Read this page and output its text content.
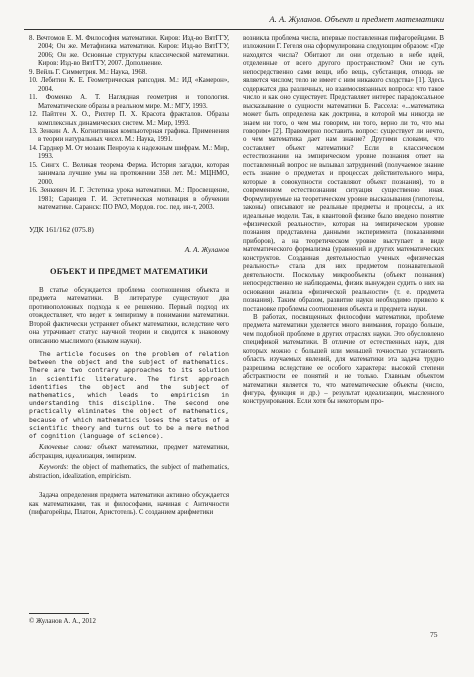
А. А. Жуланов. Объект и предмет математики

8. Вечтомов Е. М. Философия математики. Киров: Изд-во ВятГГУ, 2004; Он же. Метафизика математики. Киров: Изд-во ВятГГУ, 2006; Он же. Основные структуры классической математики. Киров: Изд-во ВятГГУ, 2007. Дополнение.

9. Вейль Г. Симметрия. М.: Наука, 1968.

10. Лебитин К. Е. Геометрическая рапсодия. М.: ИД «Камерон», 2004.

11. Фоменко А. Т. Наглядная геометрия и топология. Математические образы в реальном мире. М.: МГУ, 1993.

12. Пайтген Х. О., Рихтер П. Х. Красота фракталов. Образы комплексных динамических систем. М.: Мир, 1993.

13. Зенкин А. А. Когнитивная компьютерная графика. Применения в теории натуральных чисел. М.: Наука, 1991.

14. Гарднер М. От мозаик Пенроуза к надежным шифрам. М.: Мир, 1993.

15. Сингх С. Великая теорема Ферма. История загадки, которая занимала лучшие умы на протяжении 358 лет. М.: МЦНМО, 2000.

16. Зенкевич И. Г. Эстетика урока математики. М.: Просвещение, 1981; Сараицев Г. И. Эстетическая мотивация в обучении математике. Саранск: ПО РАО, Мордов. гос. пед. ин-т, 2003.

УДК 161/162 (075.8)
А. А. Жуланов
ОБЪЕКТ И ПРЕДМЕТ МАТЕМАТИКИ

В статье обсуждается проблема соотношения объекта и предмета математики. В литературе существуют два противоположных подхода к ее решению. Первый подход их отождествляет, что ведет к эмпиризму в понимании математики. Второй фактически устраняет объект математики, вследствие чего она утрачивает статус научной теории и сводится к знаковому описанию мыслимого (языком науки).

The article focuses on the problem of relation between the object and the subject of mathematics. There are two contrary approaches to its solution in scientific literature. The first approach identifies the object and the subject of mathematics, which leads to empiricism in understanding this discipline. The second one practically eliminates the object of mathematics, because of which mathematics loses the status of a scientific theory and turns out to be a mere method of cognition (language of science).

Ключевые слова: объект математики, предмет математики, абстракция, идеализация, эмпиризм.

Keywords: the object of mathematics, the subject of mathematics, abstraction, idealization, empiricism.

Задача определения предмета математики активно обсуждается как математиками, так и философами, начиная с Античности (пифагорейцы, Платон, Аристотель). С созданием арифметики

возникла проблема числа, впервые поставленная пифагорейцами. В изложении Г. Гегеля она сформулирована следующим образом: «Где находятся числа? Обитают ли они отдельно в небе идей, отделенные от всего другого пространством? Они не суть непосредственно сами вещи, ибо вещь, субстанция, отнюдь не является числом; тело не имеет с ним никакого сходства» [1]. Здесь содержатся два различных, но взаимосвязанных вопроса: что такое число и как оно существует. Представляет интерес парадоксальное высказывание о сущности математики Б. Рассела: «...математика может быть определена как доктрина, в которой мы никогда не знаем ни того, о чем мы говорим, ни того, верно ли то, что мы говорим» [2]. Правомерно поставить вопрос: существует ли нечто, о чем математика дает нам знание? Другими словами, что составляет объект математики? Если в классическом естествознании на эмпирическом уровне познания ответ на поставленный вопрос не вызывал затруднений (получаемое знание есть знание о предметах и процессах действительного мира, которые в совокупности составляют объект познания), то в современном естествознании ситуация существенно иная. Формулируемые на теоретическом уровне высказывания (гипотезы, законы) описывают не реальные предметы и процессы, а их идеальные модели. Так, в квантовой физике было введено понятие «физической реальности», которая на эмпирическом уровне познания представлена данными эксперимента (показаниями приборов), а на теоретическом уровне выступает в виде математического формализма (уравнений и других математических конструктов. Созданная деятельностью ученых «физическая реальность» стала для них предметом познавательной деятельности. Поскольку микрообъекты (объект познания) непосредственно не наблюдаемы, физик вынужден судить о них на основании анализа «физической реальности» (т. е. предмета познания). Таким образом, развитие науки необходимо привело к постановке проблемы соотношения объекта и предмета науки.

В работах, посвященных философии математики, проблеме предмета математики уделяется много внимания, гораздо больше, чем подобной проблеме в других отраслях науки. Это обусловлено спецификой математики. В отличие от естественных наук, для которых можно с большей или меньшей точностью установить область изучаемых явлений, для математики эта задача трудно разрешима вследствие ее особого характера: высокой степени абстрактности ее понятий и не только. Главным объектом математики является то, что математические объекты (число, фигура, функция и др.) – результат идеализации, мысленного конструирования. Если хотя бы некоторым про-

© Жуланов А. А., 2012
75
